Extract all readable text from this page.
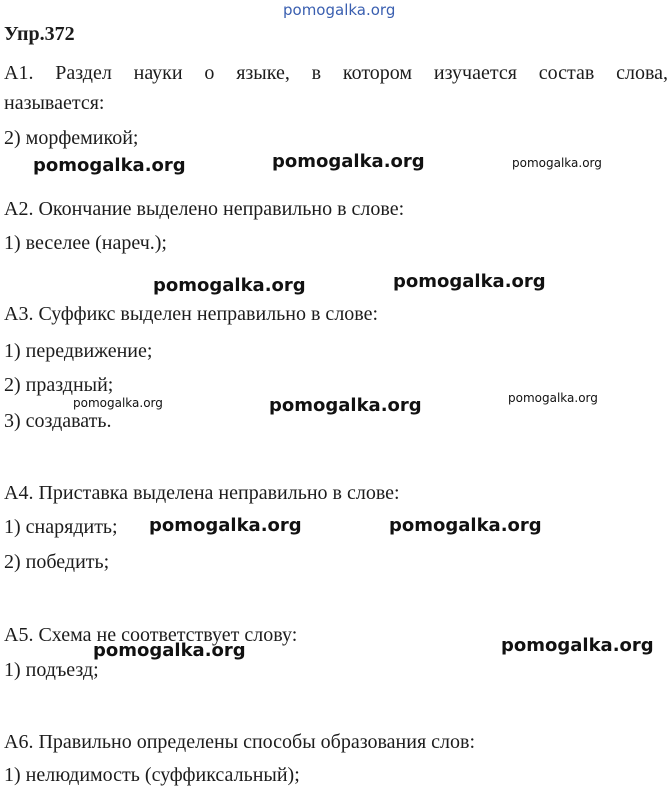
pomogalka.org
Упр.372
А1. Раздел науки о языке, в котором изучается состав слова,
называется:
2) морфемикой;
pomogalka.org	pomogalka.org	pomogalka.org
А2. Окончание выделено неправильно в слове:
1) веселее (нареч.);
pomogalka.org	pomogalka.org
А3. Суффикс выделен неправильно в слове:
1) передвижение;
2) праздный;
3) создавать.
pomogalka.org	pomogalka.org	pomogalka.org
А4. Приставка выделена неправильно в слове:
1) снарядить;
2) победить;
pomogalka.org	pomogalka.org
А5. Схема не соответствует слову:
1) подъезд;
pomogalka.org	pomogalka.org
А6. Правильно определены способы образования слов:
1) нелюдимость (суффиксальный);
